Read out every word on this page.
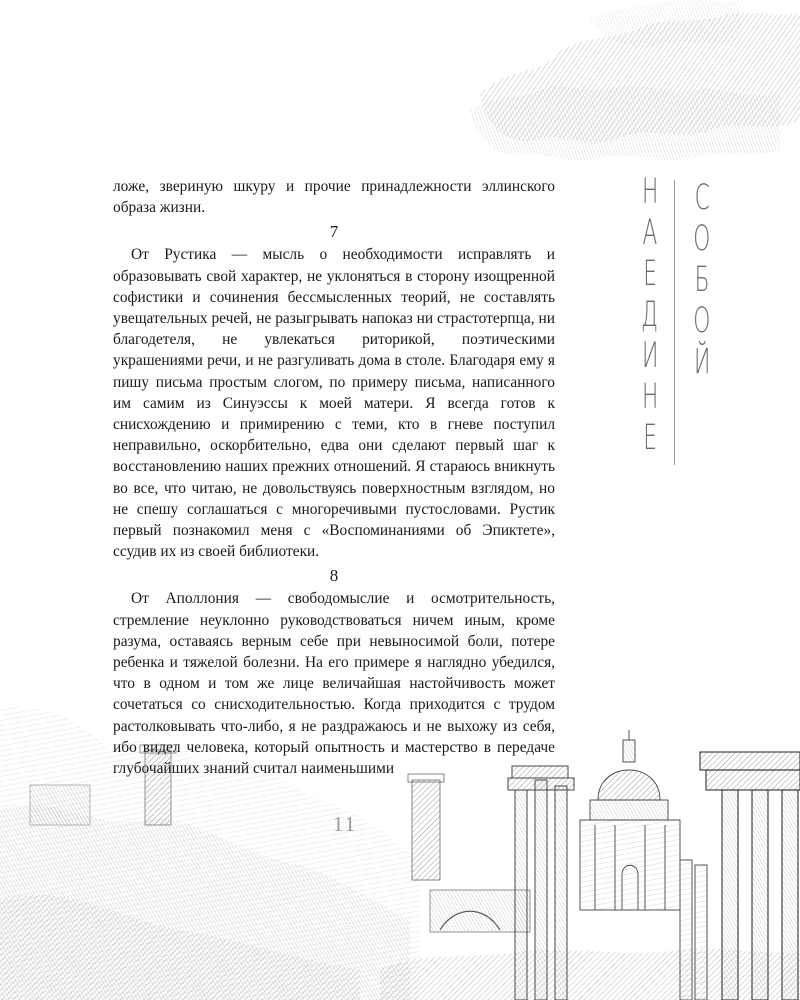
Н
А
Е
Д
И
Н
Е
С
О
Б
О
Й

ложе, звериную шкуру и прочие принадлежности эллинского образа жизни.

7

От Рустика — мысль о необходимости исправлять и образовывать свой характер, не уклоняться в сторону изощренной софистики и сочинения бессмысленных теорий, не составлять увещательных речей, не разыгрывать напоказ ни страстотерпца, ни благодетеля, не увлекаться риторикой, поэтическими украшениями речи, и не разгуливать дома в столе. Благодаря ему я пишу письма простым слогом, по примеру письма, написанного им самим из Синуэссы к моей матери. Я всегда готов к снисхождению и примирению с теми, кто в гневе поступил неправильно, оскорбительно, едва они сделают первый шаг к восстановлению наших прежних отношений. Я стараюсь вникнуть во все, что читаю, не довольствуясь поверхностным взглядом, но не спешу соглашаться с многоречивыми пустословами. Рустик первый познакомил меня с «Воспоминаниями об Эпиктете», ссудив их из своей библиотеки.

8

От Аполлония — свободомыслие и осмотрительность, стремление неуклонно руководствоваться ничем иным, кроме разума, оставаясь верным себе при невыносимой боли, потере ребенка и тяжелой болезни. На его примере я наглядно убедился, что в одном и том же лице величайшая настойчивость может сочетаться со снисходительностью. Когда приходится с трудом растолковывать что-либо, я не раздражаюсь и не выхожу из себя, ибо видел человека, который опытность и мастерство в передаче глубочайших знаний считал наименьшими

11
